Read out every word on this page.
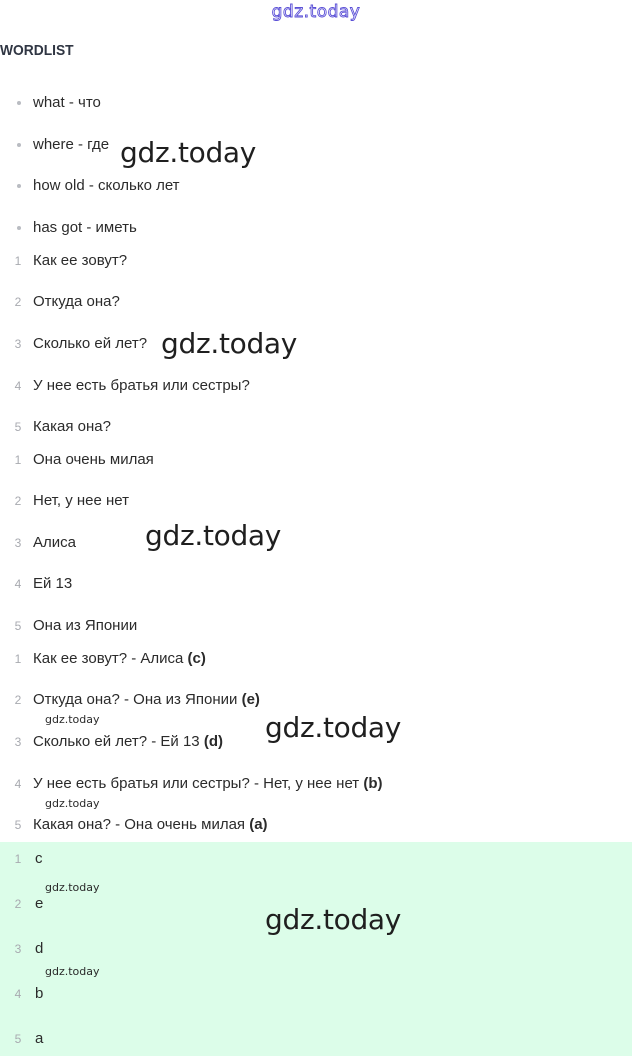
gdz.today
WORDLIST
what - что
where - где
how old - сколько лет
has got - иметь
1 Как ее зовут?
2 Откуда она?
3 Сколько ей лет?
4 У нее есть братья или сестры?
5 Какая она?
1 Она очень милая
2 Нет, у нее нет
3 Алиса
4 Ей 13
5 Она из Японии
1 Как ее зовут? - Алиса (c)
2 Откуда она? - Она из Японии (e)
3 Сколько ей лет? - Ей 13 (d)
4 У нее есть братья или сестры? - Нет, у нее нет (b)
5 Какая она? - Она очень милая (a)
1 c
2 e
3 d
4 b
5 a
gdz.today
gdz.today
gdz.today
gdz.today
gdz.today
gdz.today
gdz.today
gdz.today
gdz.today
